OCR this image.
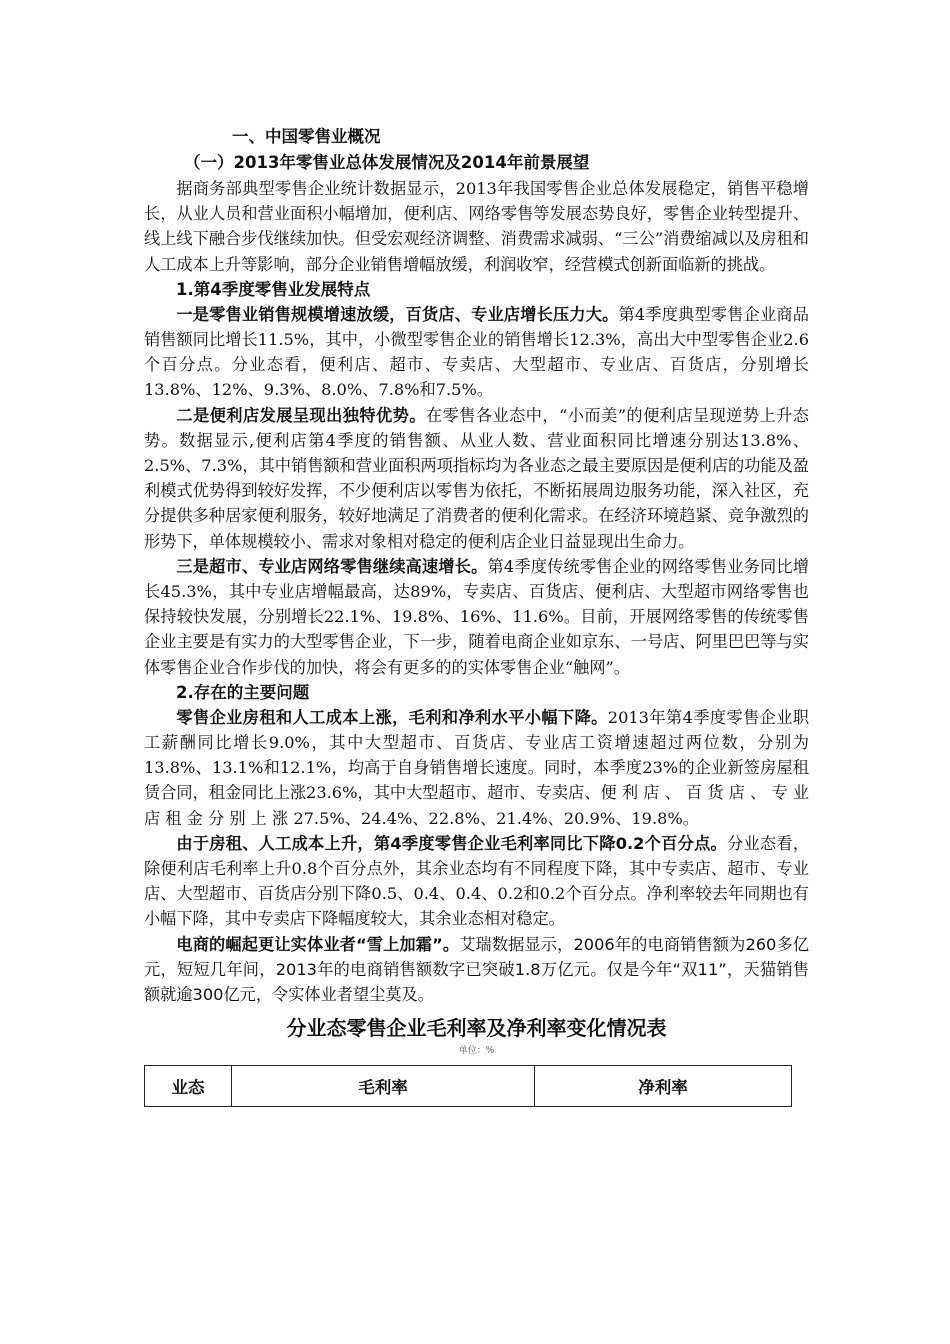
一、中国零售业概况
（一）2013年零售业总体发展情况及2014年前景展望

据商务部典型零售企业统计数据显示，2013年我国零售企业总体发展稳定，销售平稳增长，从业人员和营业面积小幅增加，便利店、网络零售等发展态势良好，零售企业转型提升、线上线下融合步伐继续加快。但受宏观经济调整、消费需求减弱、“三公”消费缩减以及房租和人工成本上升等影响，部分企业销售增幅放缓，利润收窄，经营模式创新面临新的挑战。

1.第4季度零售业发展特点

一是零售业销售规模增速放缓，百货店、专业店增长压力大。第4季度典型零售企业商品销售额同比增长11.5%，其中，小微型零售企业的销售增长12.3%，高出大中型零售企业2.6个百分点。分业态看，便利店、超市、专卖店、大型超市、专业店、百货店，分别增长13.8%、12%、9.3%、8.0%、7.8%和7.5%。

二是便利店发展呈现出独特优势。在零售各业态中，“小而美”的便利店呈现逆势上升态势。数据显示,便利店第4季度的销售额、从业人数、营业面积同比增速分别达13.8%、2.5%、7.3%，其中销售额和营业面积两项指标均为各业态之最主要原因是便利店的功能及盈利模式优势得到较好发挥，不少便利店以零售为依托，不断拓展周边服务功能，深入社区，充分提供多种居家便利服务，较好地满足了消费者的便利化需求。在经济环境趋紧、竞争激烈的形势下，单体规模较小、需求对象相对稳定的便利店企业日益显现出生命力。

三是超市、专业店网络零售继续高速增长。第4季度传统零售企业的网络零售业务同比增长45.3%，其中专业店增幅最高，达89%，专卖店、百货店、便利店、大型超市网络零售也保持较快发展，分别增长22.1%、19.8%、16%、11.6%。目前，开展网络零售的传统零售企业主要是有实力的大型零售企业，下一步，随着电商企业如京东、一号店、阿里巴巴等与实体零售企业合作步伐的加快，将会有更多的的实体零售企业“触网”。

2.存在的主要问题

零售企业房租和人工成本上涨，毛利和净利水平小幅下降。2013年第4季度零售企业职工薪酬同比增长9.0%，其中大型超市、百货店、专业店工资增速超过两位数，分别为13.8%、13.1%和12.1%，均高于自身销售增长速度。同时，本季度23%的企业新签房屋租赁合同，租金同比上涨23.6%，其中大型超市、超市、专卖店、便 利 店 、 百 货 店 、 专 业 店 租 金 分 别 上 涨 27.5%、24.4%、22.8%、21.4%、20.9%、19.8%。

由于房租、人工成本上升，第4季度零售企业毛利率同比下降0.2个百分点。分业态看，除便利店毛利率上升0.8个百分点外，其余业态均有不同程度下降，其中专卖店、超市、专业店、大型超市、百货店分别下降0.5、0.4、0.4、0.2和0.2个百分点。净利率较去年同期也有小幅下降，其中专卖店下降幅度较大，其余业态相对稳定。

电商的崛起更让实体业者“雪上加霜”。艾瑞数据显示，2006年的电商销售额为260多亿元，短短几年间，2013年的电商销售额数字已突破1.8万亿元。仅是今年“双11”，天猫销售额就逾300亿元，令实体业者望尘莫及。

分业态零售企业毛利率及净利率变化情况表
单位：%
业态	毛利率	净利率
